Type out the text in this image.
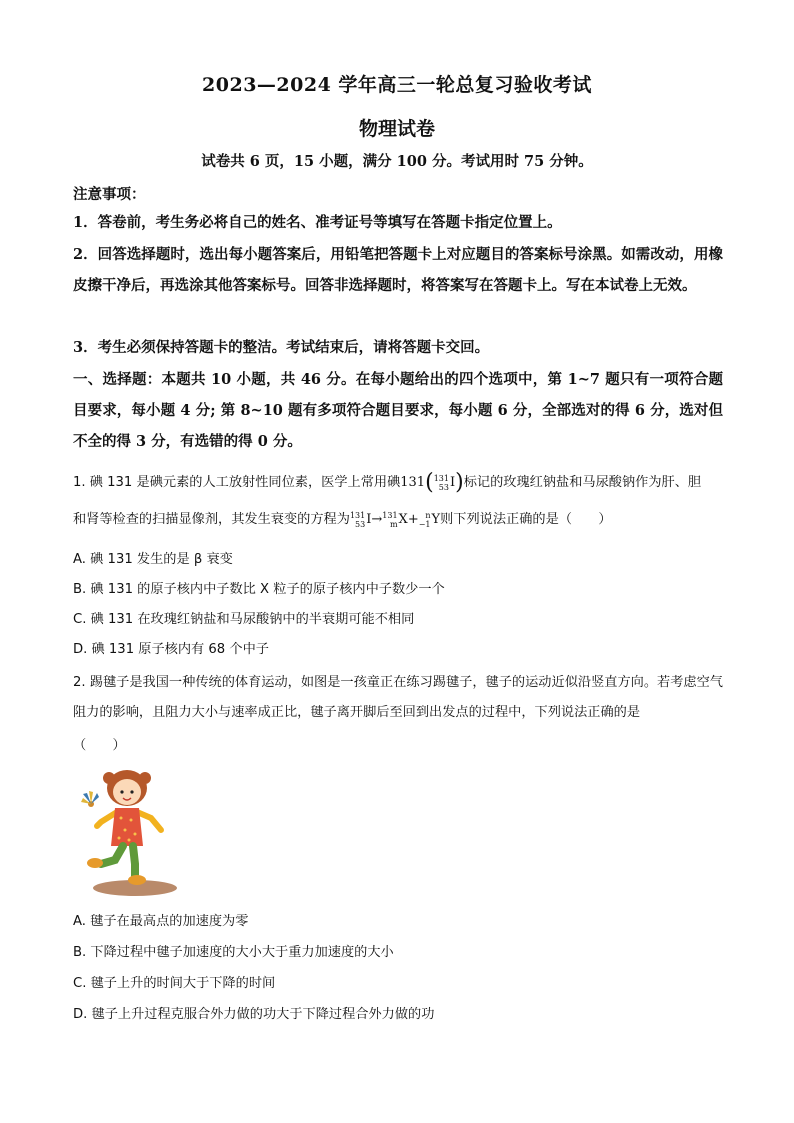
2023—2024 学年高三一轮总复习验收考试
物理试卷
试卷共 6 页，15 小题，满分 100 分。考试用时 75 分钟。
注意事项：
1．答卷前，考生务必将自己的姓名、准考证号等填写在答题卡指定位置上。
2．回答选择题时，选出每小题答案后，用铅笔把答题卡上对应题目的答案标号涂黑。如需改动，用橡皮擦干净后，再选涂其他答案标号。回答非选择题时，将答案写在答题卡上。写在本试卷上无效。
3．考生必须保持答题卡的整洁。考试结束后，请将答题卡交回。
一、选择题：本题共 10 小题，共 46 分。在每小题给出的四个选项中，第 1~7 题只有一项符合题目要求，每小题 4 分; 第 8~10 题有多项符合题目要求，每小题 6 分，全部选对的得 6 分，选对但不全的得 3 分，有选错的得 0 分。
1. 碘 131 是碘元素的人工放射性同位素，医学上常用碘131(131
53I)标记的玫瑰红钠盐和马尿酸钠作为肝、胆
和肾等检查的扫描显像剂，其发生衰变的方程为131
53I→131
mX+ n
−1Y则下列说法正确的是（　　）
A. 碘 131 发生的是 β 衰变
B. 碘 131 的原子核内中子数比 X 粒子的原子核内中子数少一个
C. 碘 131 在玫瑰红钠盐和马尿酸钠中的半衰期可能不相同
D. 碘 131 原子核内有 68 个中子
2. 踢毽子是我国一种传统的体育运动，如图是一孩童正在练习踢毽子，毽子的运动近似沿竖直方向。若考虑空气阻力的影响，且阻力大小与速率成正比，毽子离开脚后至回到出发点的过程中，下列说法正确的是
（　　）
A. 毽子在最高点的加速度为零
B. 下降过程中毽子加速度的大小大于重力加速度的大小
C. 毽子上升的时间大于下降的时间
D. 毽子上升过程克服合外力做的功大于下降过程合外力做的功
